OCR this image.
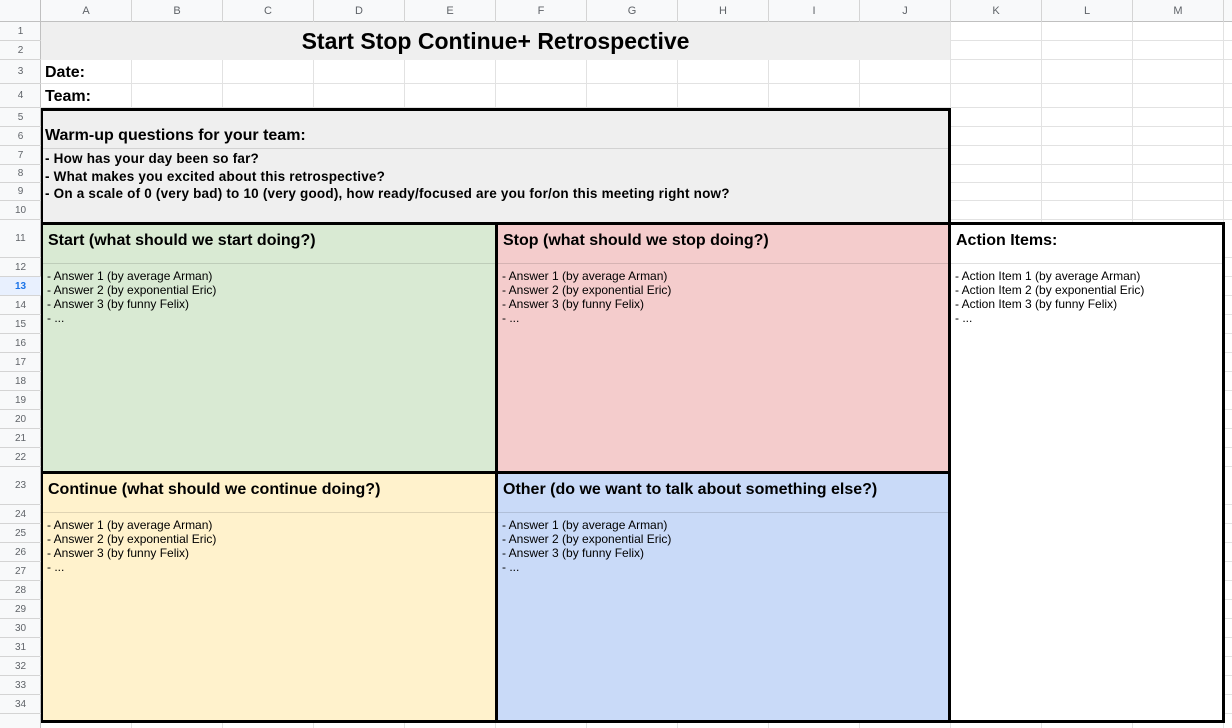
Start Stop Continue+ Retrospective
Date:
Team:
Warm-up questions for your team:
- How has your day been so far?
- What makes you excited about this retrospective?
- On a scale of 0 (very bad) to 10 (very good), how ready/focused are you for/on this meeting right now?
Start (what should we start doing?)
- Answer 1 (by average Arman)
- Answer 2 (by exponential Eric)
- Answer 3 (by funny Felix)
- ...
Stop (what should we stop doing?)
- Answer 1 (by average Arman)
- Answer 2 (by exponential Eric)
- Answer 3 (by funny Felix)
- ...
Continue (what should we continue doing?)
- Answer 1 (by average Arman)
- Answer 2 (by exponential Eric)
- Answer 3 (by funny Felix)
- ...
Other (do we want to talk about something else?)
- Answer 1 (by average Arman)
- Answer 2 (by exponential Eric)
- Answer 3 (by funny Felix)
- ...
Action Items:
- Action Item 1 (by average Arman)
- Action Item 2 (by exponential Eric)
- Action Item 3 (by funny Felix)
- ...
A	B	C	D	E	F	G	H	I	J	K	L	M
1
2
3
4
5
6
7
8
9
10
11
12
13
14
15
16
17
18
19
20
21
22
23
24
25
26
27
28
29
30
31
32
33
34
